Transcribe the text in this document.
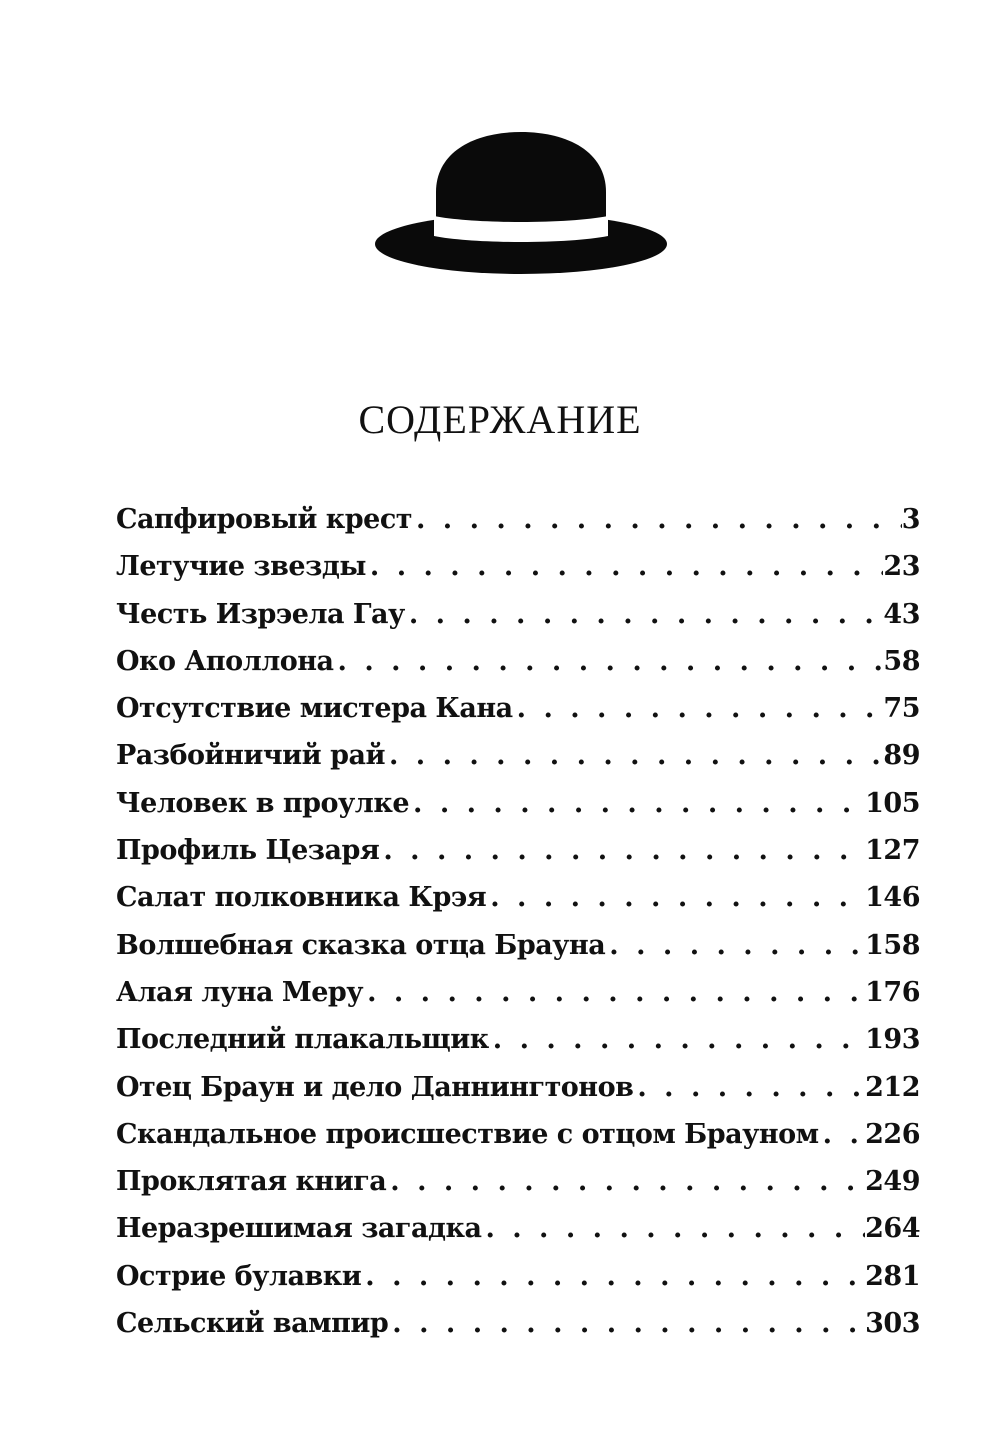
СОДЕРЖАНИЕ
Сапфировый крест . . .	3
Летучие звезды . . .	23
Честь Изрэела Гау . . .	43
Око Аполлона . . .	58
Отсутствие мистера Кана . . .	75
Разбойничий рай . . .	89
Человек в проулке . . .	105
Профиль Цезаря . . .	127
Салат полковника Крэя . . .	146
Волшебная сказка отца Брауна . . .	158
Алая луна Меру . . .	176
Последний плакальщик . . .	193
Отец Браун и дело Даннингтонов . . .	212
Скандальное происшествие с отцом Брауном . . . 226
Проклятая книга . . .	249
Неразрешимая загадка . . .	264
Острие булавки . . .	281
Сельский вампир . . .	303
